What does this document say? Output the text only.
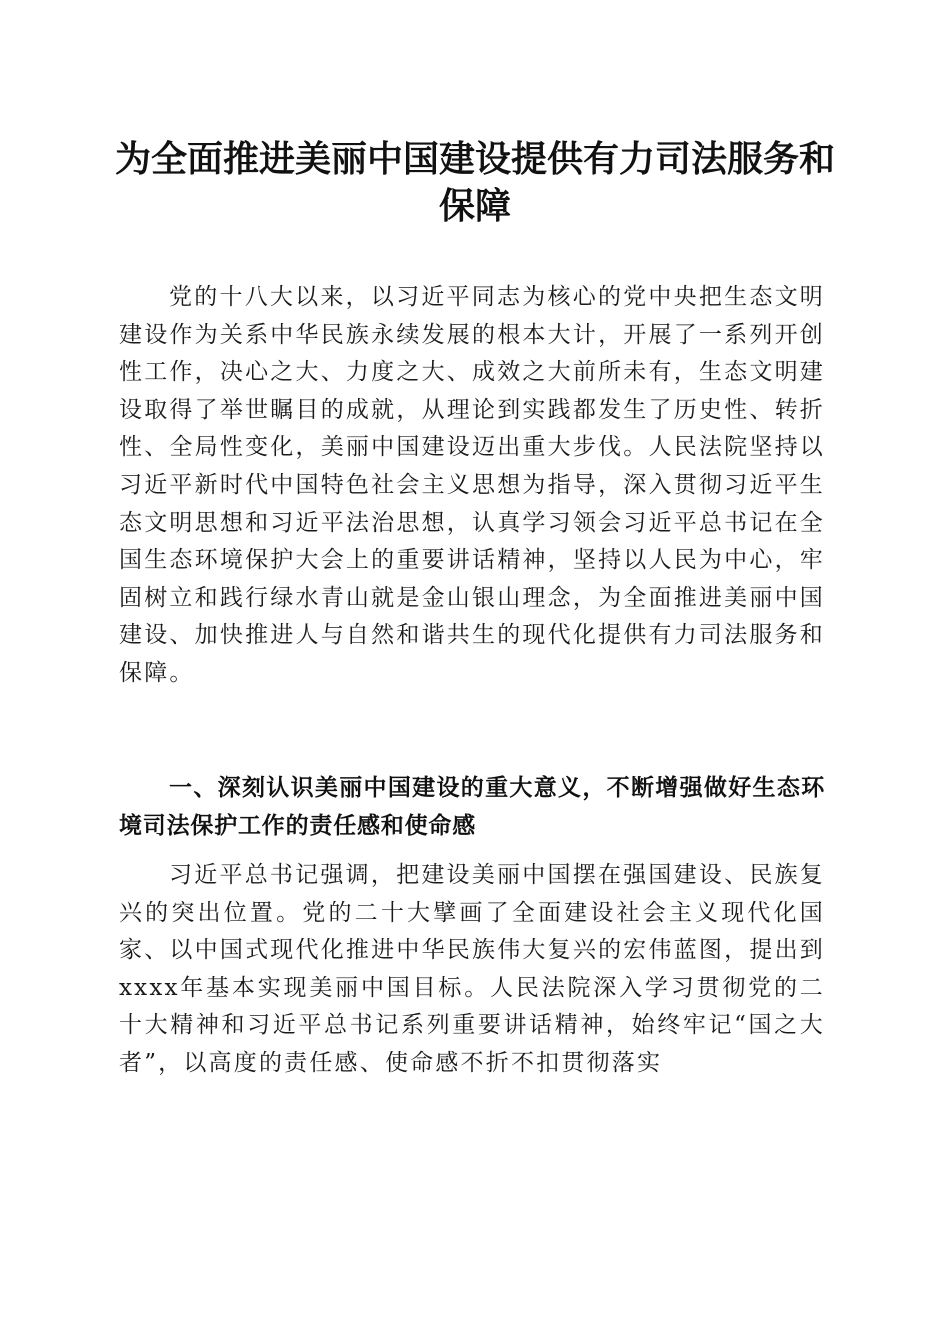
为全面推进美丽中国建设提供有力司法服务和保障

党的十八大以来，以习近平同志为核心的党中央把生态文明建设作为关系中华民族永续发展的根本大计，开展了一系列开创性工作，决心之大、力度之大、成效之大前所未有，生态文明建设取得了举世瞩目的成就，从理论到实践都发生了历史性、转折性、全局性变化，美丽中国建设迈出重大步伐。人民法院坚持以习近平新时代中国特色社会主义思想为指导，深入贯彻习近平生态文明思想和习近平法治思想，认真学习领会习近平总书记在全国生态环境保护大会上的重要讲话精神，坚持以人民为中心，牢固树立和践行绿水青山就是金山银山理念，为全面推进美丽中国建设、加快推进人与自然和谐共生的现代化提供有力司法服务和保障。

一、深刻认识美丽中国建设的重大意义，不断增强做好生态环境司法保护工作的责任感和使命感

习近平总书记强调，把建设美丽中国摆在强国建设、民族复兴的突出位置。党的二十大擘画了全面建设社会主义现代化国家、以中国式现代化推进中华民族伟大复兴的宏伟蓝图，提出到xxxx年基本实现美丽中国目标。人民法院深入学习贯彻党的二十大精神和习近平总书记系列重要讲话精神，始终牢记“国之大者”，以高度的责任感、使命感不折不扣贯彻落实
